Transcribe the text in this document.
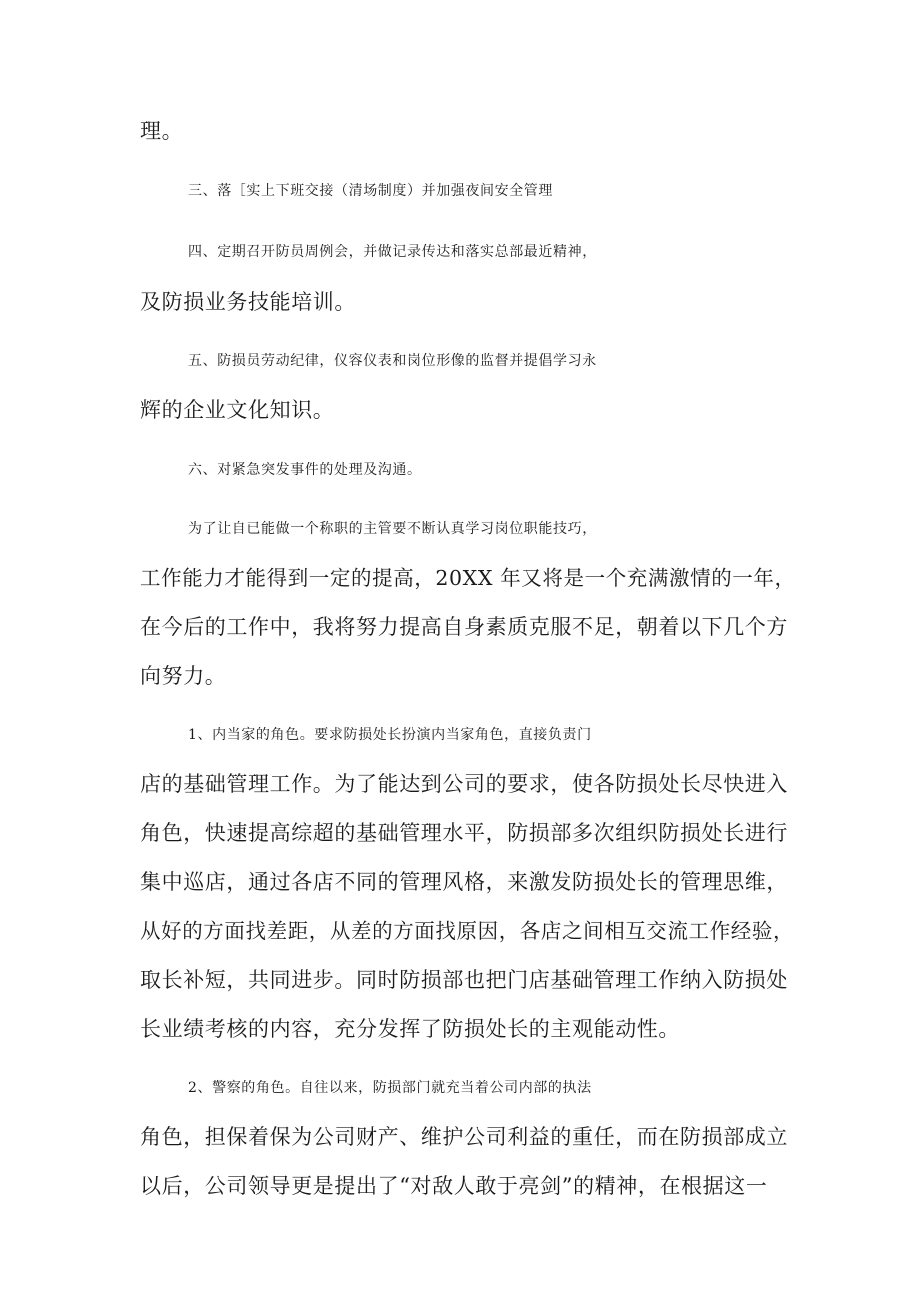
理。
三、落［实上下班交接（清场制度）并加强夜间安全管理
四、定期召开防员周例会，并做记录传达和落实总部最近精神，
及防损业务技能培训。
五、防损员劳动纪律，仪容仪表和岗位形像的监督并提倡学习永
辉的企业文化知识。
六、对紧急突发事件的处理及沟通。
为了让自已能做一个称职的主管要不断认真学习岗位职能技巧，
工作能力才能得到一定的提高，20XX 年又将是一个充满激情的一年，
在今后的工作中，我将努力提高自身素质克服不足，朝着以下几个方
向努力。
1、内当家的角色。要求防损处长扮演内当家角色，直接负责门
店的基础管理工作。为了能达到公司的要求，使各防损处长尽快进入
角色，快速提高综超的基础管理水平，防损部多次组织防损处长进行
集中巡店，通过各店不同的管理风格，来激发防损处长的管理思维，
从好的方面找差距，从差的方面找原因，各店之间相互交流工作经验，
取长补短，共同进步。同时防损部也把门店基础管理工作纳入防损处
长业绩考核的内容，充分发挥了防损处长的主观能动性。
2、警察的角色。自往以来，防损部门就充当着公司内部的执法
角色，担保着保为公司财产、维护公司利益的重任，而在防损部成立
以后，公司领导更是提出了“对敌人敢于亮剑”的精神，在根据这一
